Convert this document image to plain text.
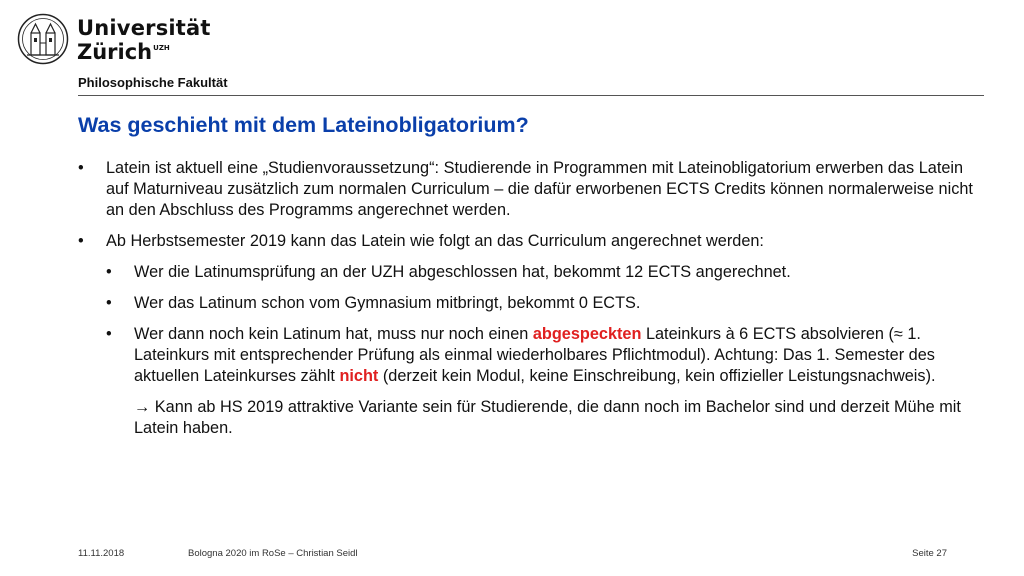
Universität
Zürich$^{UZH}$
Philosophische Fakultät
Was geschieht mit dem Lateinobligatorium?
• Latein ist aktuell eine „Studienvoraussetzung“: Studierende in Programmen mit Lateinobligatorium erwerben das Latein auf Maturniveau zusätzlich zum normalen Curriculum – die dafür erworbenen ECTS Credits können normalerweise nicht an den Abschluss des Programms angerechnet werden.
• Ab Herbstsemester 2019 kann das Latein wie folgt an das Curriculum angerechnet werden:
• Wer die Latinumsprüfung an der UZH abgeschlossen hat, bekommt 12 ECTS angerechnet.
• Wer das Latinum schon vom Gymnasium mitbringt, bekommt 0 ECTS.
• Wer dann noch kein Latinum hat, muss nur noch einen abgespeckten Lateinkurs à 6 ECTS absolvieren (≈ 1. Lateinkurs mit entsprechender Prüfung als einmal wiederholbares Pflichtmodul). Achtung: Das 1. Semester des aktuellen Lateinkurses zählt nicht (derzeit kein Modul, keine Einschreibung, kein offizieller Leistungsnachweis).
→ Kann ab HS 2019 attraktive Variante sein für Studierende, die dann noch im Bachelor sind und derzeit Mühe mit Latein haben.
11.11.2018	Bologna 2020 im RoSe – Christian Seidl	Seite 27
